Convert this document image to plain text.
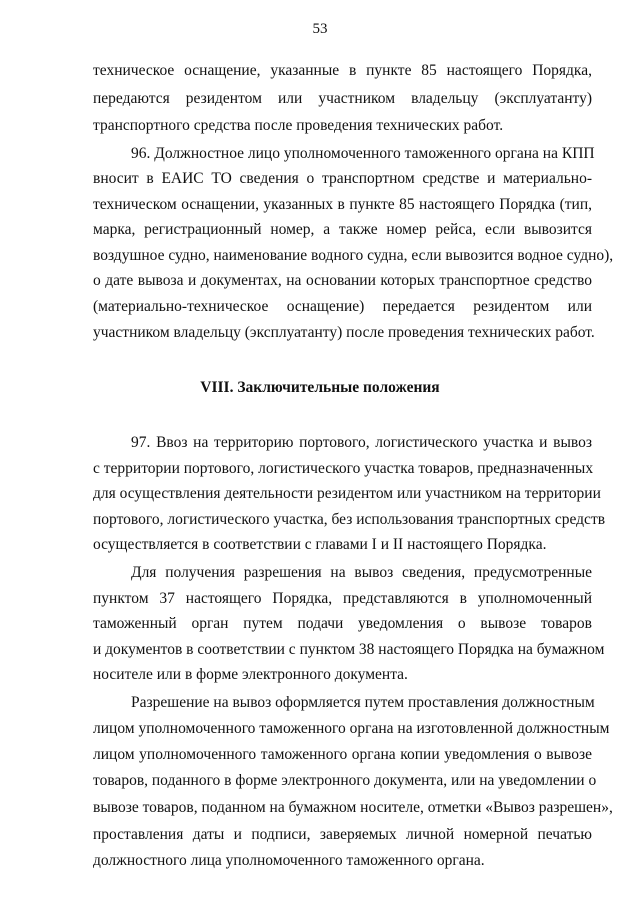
53
техническое оснащение, указанные в пункте 85 настоящего Порядка,
передаются резидентом или участником владельцу (эксплуатанту)
транспортного средства после проведения технических работ.
96. Должностное лицо уполномоченного таможенного органа на КПП
вносит в ЕАИС ТО сведения о транспортном средстве и материально-
техническом оснащении, указанных в пункте 85 настоящего Порядка (тип,
марка, регистрационный номер, а также номер рейса, если вывозится
воздушное судно, наименование водного судна, если вывозится водное судно),
о дате вывоза и документах, на основании которых транспортное средство
(материально-техническое оснащение) передается резидентом или
участником владельцу (эксплуатанту) после проведения технических работ.
VIII. Заключительные положения
97. Ввоз на территорию портового, логистического участка и вывоз
с территории портового, логистического участка товаров, предназначенных
для осуществления деятельности резидентом или участником на территории
портового, логистического участка, без использования транспортных средств
осуществляется в соответствии с главами I и II настоящего Порядка.
Для получения разрешения на вывоз сведения, предусмотренные
пунктом 37 настоящего Порядка, представляются в уполномоченный
таможенный орган путем подачи уведомления о вывозе товаров
и документов в соответствии с пунктом 38 настоящего Порядка на бумажном
носителе или в форме электронного документа.
Разрешение на вывоз оформляется путем проставления должностным
лицом уполномоченного таможенного органа на изготовленной должностным
лицом уполномоченного таможенного органа копии уведомления о вывозе
товаров, поданного в форме электронного документа, или на уведомлении о
вывозе товаров, поданном на бумажном носителе, отметки «Вывоз разрешен»,
проставления даты и подписи, заверяемых личной номерной печатью
должностного лица уполномоченного таможенного органа.
